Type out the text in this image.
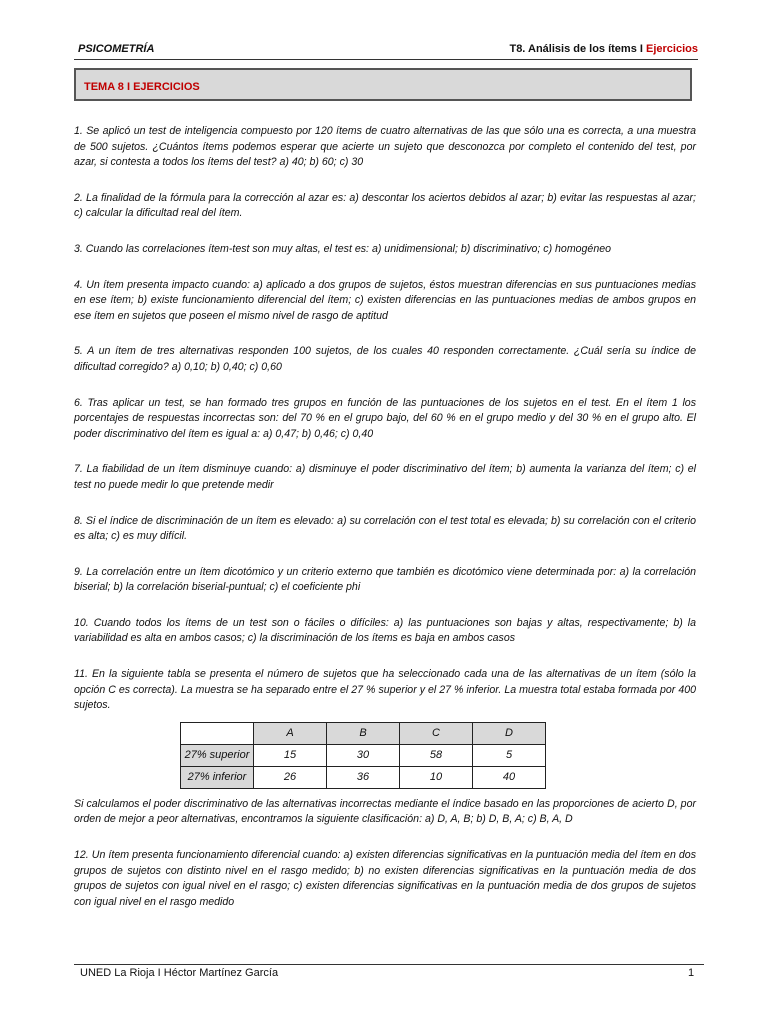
PSICOMETRÍA	T8. Análisis de los ítems I Ejercicios
TEMA 8 I EJERCICIOS

1. Se aplicó un test de inteligencia compuesto por 120 ítems de cuatro alternativas de las que sólo una es correcta, a una muestra de 500 sujetos. ¿Cuántos ítems podemos esperar que acierte un sujeto que desconozca por completo el contenido del test, por azar, si contesta a todos los ítems del test? a) 40; b) 60; c) 30

2. La finalidad de la fórmula para la corrección al azar es: a) descontar los aciertos debidos al azar; b) evitar las respuestas al azar; c) calcular la dificultad real del ítem.

3. Cuando las correlaciones ítem-test son muy altas, el test es: a) unidimensional; b) discriminativo; c) homogéneo

4. Un ítem presenta impacto cuando: a) aplicado a dos grupos de sujetos, éstos muestran diferencias en sus puntuaciones medias en ese ítem; b) existe funcionamiento diferencial del ítem; c) existen diferencias en las puntuaciones medias de ambos grupos en ese ítem en sujetos que poseen el mismo nivel de rasgo de aptitud

5. A un ítem de tres alternativas responden 100 sujetos, de los cuales 40 responden correctamente. ¿Cuál sería su índice de dificultad corregido? a) 0,10; b) 0,40; c) 0,60

6. Tras aplicar un test, se han formado tres grupos en función de las puntuaciones de los sujetos en el test. En el ítem 1 los porcentajes de respuestas incorrectas son: del 70 % en el grupo bajo, del 60 % en el grupo medio y del 30 % en el grupo alto. El poder discriminativo del ítem es igual a: a) 0,47; b) 0,46; c) 0,40

7. La fiabilidad de un ítem disminuye cuando: a) disminuye el poder discriminativo del ítem; b) aumenta la varianza del ítem; c) el test no puede medir lo que pretende medir

8. Si el índice de discriminación de un ítem es elevado: a) su correlación con el test total es elevada; b) su correlación con el criterio es alta; c) es muy difícil.

9. La correlación entre un ítem dicotómico y un criterio externo que también es dicotómico viene determinada por: a) la correlación biserial; b) la correlación biserial-puntual; c) el coeficiente phi

10. Cuando todos los ítems de un test son o fáciles o difíciles: a) las puntuaciones son bajas y altas, respectivamente; b) la variabilidad es alta en ambos casos; c) la discriminación de los ítems es baja en ambos casos

11. En la siguiente tabla se presenta el número de sujetos que ha seleccionado cada una de las alternativas de un ítem (sólo la opción C es correcta). La muestra se ha separado entre el 27 % superior y el 27 % inferior. La muestra total estaba formada por 400 sujetos.

	A	B	C	D
27% superior	15	30	58	5
27% inferior	26	36	10	40

Si calculamos el poder discriminativo de las alternativas incorrectas mediante el índice basado en las proporciones de acierto D, por orden de mejor a peor alternativas, encontramos la siguiente clasificación: a) D, A, B; b) D, B, A; c) B, A, D

12. Un ítem presenta funcionamiento diferencial cuando: a) existen diferencias significativas en la puntuación media del ítem en dos grupos de sujetos con distinto nivel en el rasgo medido; b) no existen diferencias significativas en la puntuación media de dos grupos de sujetos con igual nivel en el rasgo; c) existen diferencias significativas en la puntuación media de dos grupos de sujetos con igual nivel en el rasgo medido

UNED La Rioja I Héctor Martínez García	1
